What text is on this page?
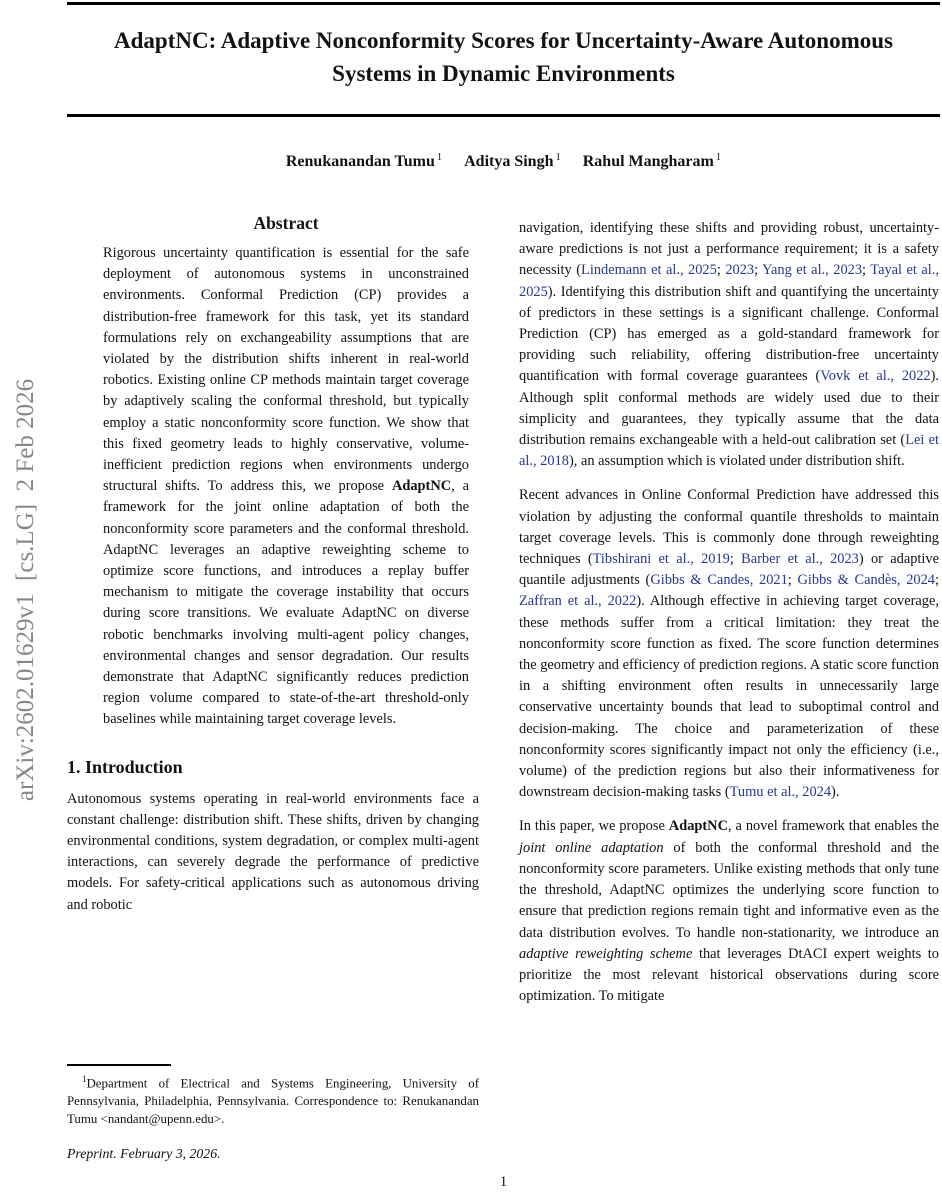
arXiv:2602.01629v1  [cs.LG]  2 Feb 2026
AdaptNC: Adaptive Nonconformity Scores for Uncertainty-Aware Autonomous
Systems in Dynamic Environments
Renukanandan Tumu $^1$ Aditya Singh $^1$ Rahul Mangharam $^1$
Abstract
Rigorous uncertainty quantification is essential for the safe deployment of autonomous systems in unconstrained environments. Conformal Prediction (CP) provides a distribution-free framework for this task, yet its standard formulations rely on exchangeability assumptions that are violated by the distribution shifts inherent in real-world robotics. Existing online CP methods maintain target coverage by adaptively scaling the conformal threshold, but typically employ a static nonconformity score function. We show that this fixed geometry leads to highly conservative, volume-inefficient prediction regions when environments undergo structural shifts. To address this, we propose AdaptNC, a framework for the joint online adaptation of both the nonconformity score parameters and the conformal threshold. AdaptNC leverages an adaptive reweighting scheme to optimize score functions, and introduces a replay buffer mechanism to mitigate the coverage instability that occurs during score transitions. We evaluate AdaptNC on diverse robotic benchmarks involving multi-agent policy changes, environmental changes and sensor degradation. Our results demonstrate that AdaptNC significantly reduces prediction region volume compared to state-of-the-art threshold-only baselines while maintaining target coverage levels.
1. Introduction
Autonomous systems operating in real-world environments face a constant challenge: distribution shift. These shifts, driven by changing environmental conditions, system degradation, or complex multi-agent interactions, can severely degrade the performance of predictive models. For safety-critical applications such as autonomous driving and robotic

navigation, identifying these shifts and providing robust, uncertainty-aware predictions is not just a performance requirement; it is a safety necessity (Lindemann et al., 2025; 2023; Yang et al., 2023; Tayal et al., 2025). Identifying this distribution shift and quantifying the uncertainty of predictors in these settings is a significant challenge. Conformal Prediction (CP) has emerged as a gold-standard framework for providing such reliability, offering distribution-free uncertainty quantification with formal coverage guarantees (Vovk et al., 2022). Although split conformal methods are widely used due to their simplicity and guarantees, they typically assume that the data distribution remains exchangeable with a held-out calibration set (Lei et al., 2018), an assumption which is violated under distribution shift.

Recent advances in Online Conformal Prediction have addressed this violation by adjusting the conformal quantile thresholds to maintain target coverage levels. This is commonly done through reweighting techniques (Tibshirani et al., 2019; Barber et al., 2023) or adaptive quantile adjustments (Gibbs & Candes, 2021; Gibbs & Candès, 2024; Zaffran et al., 2022). Although effective in achieving target coverage, these methods suffer from a critical limitation: they treat the nonconformity score function as fixed. The score function determines the geometry and efficiency of prediction regions. A static score function in a shifting environment often results in unnecessarily large conservative uncertainty bounds that lead to suboptimal control and decision-making. The choice and parameterization of these nonconformity scores significantly impact not only the efficiency (i.e., volume) of the prediction regions but also their informativeness for downstream decision-making tasks (Tumu et al., 2024).

In this paper, we propose AdaptNC, a novel framework that enables the joint online adaptation of both the conformal threshold and the nonconformity score parameters. Unlike existing methods that only tune the threshold, AdaptNC optimizes the underlying score function to ensure that prediction regions remain tight and informative even as the data distribution evolves. To handle non-stationarity, we introduce an adaptive reweighting scheme that leverages DtACI expert weights to prioritize the most relevant historical observations during score optimization. To mitigate

$^1$Department of Electrical and Systems Engineering, University of Pennsylvania, Philadelphia, Pennsylvania. Correspondence to: Renukanandan Tumu <nandant@upenn.edu>.
Preprint. February 3, 2026.
1
